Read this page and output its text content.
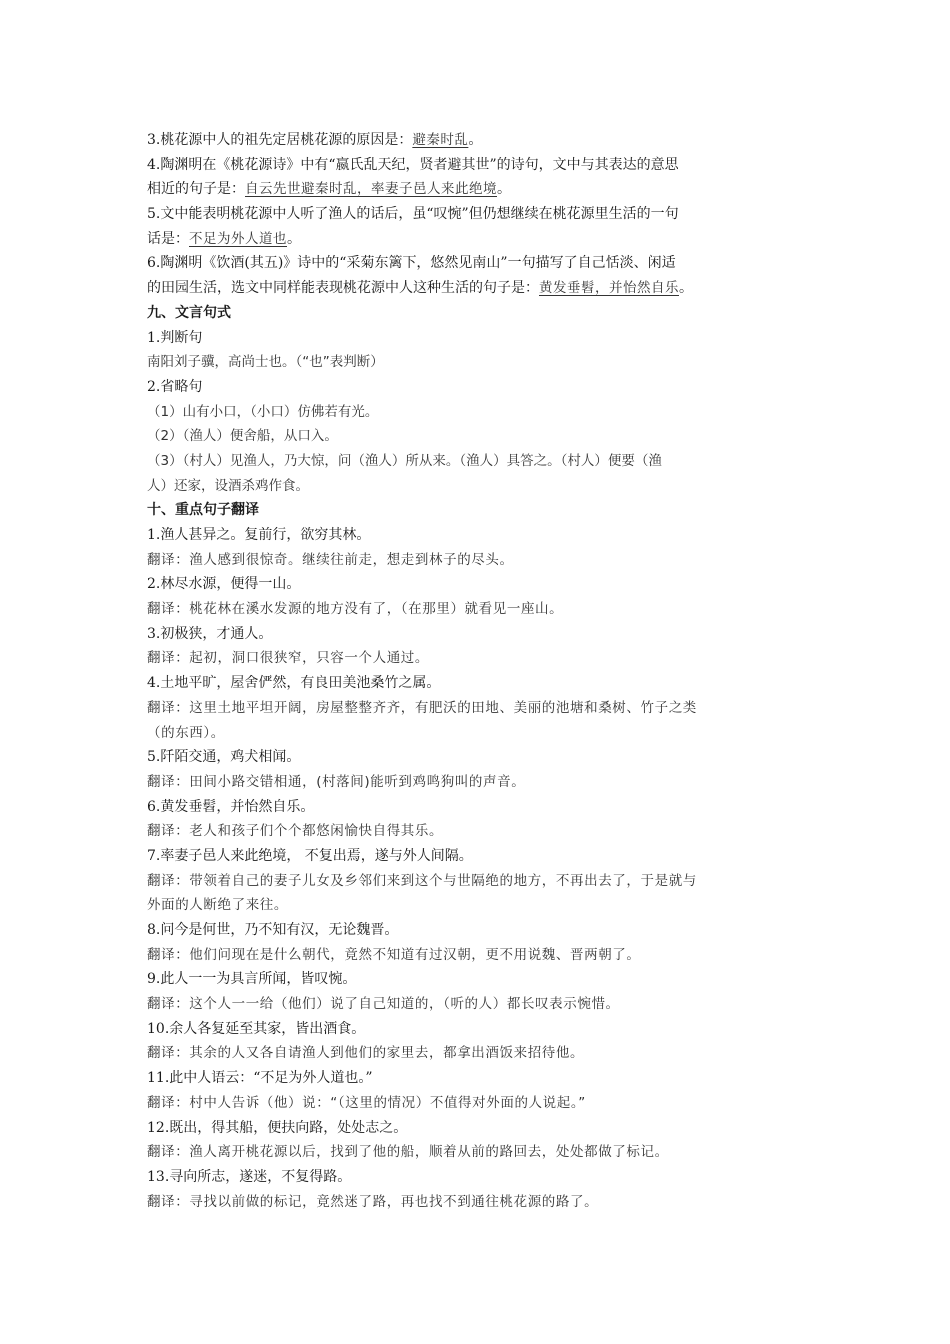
3.桃花源中人的祖先定居桃花源的原因是：避秦时乱。
4.陶渊明在《桃花源诗》中有“嬴氏乱天纪，贤者避其世”的诗句，文中与其表达的意思
相近的句子是：自云先世避秦时乱，率妻子邑人来此绝境。
5.文中能表明桃花源中人听了渔人的话后，虽“叹惋”但仍想继续在桃花源里生活的一句
话是：不足为外人道也。
6.陶渊明《饮酒(其五)》诗中的“采菊东篱下，悠然见南山”一句描写了自己恬淡、闲适
的田园生活，选文中同样能表现桃花源中人这种生活的句子是：黄发垂髫，并怡然自乐。
九、文言句式
1.判断句
南阳刘子骥，高尚士也。（“也”表判断）
2.省略句
（1）山有小口，（小口）仿佛若有光。
（2）（渔人）便舍船，从口入。
（3）（村人）见渔人，乃大惊，问（渔人）所从来。（渔人）具答之。（村人）便要（渔
人）还家，设酒杀鸡作食。
十、重点句子翻译
1.渔人甚异之。复前行，欲穷其林。
翻译：渔人感到很惊奇。继续往前走，想走到林子的尽头。
2.林尽水源，便得一山。
翻译：桃花林在溪水发源的地方没有了，（在那里）就看见一座山。
3.初极狭，才通人。
翻译：起初，洞口很狭窄，只容一个人通过。
4.土地平旷，屋舍俨然，有良田美池桑竹之属。
翻译：这里土地平坦开阔，房屋整整齐齐，有肥沃的田地、美丽的池塘和桑树、竹子之类
（的东西）。
5.阡陌交通，鸡犬相闻。
翻译：田间小路交错相通，(村落间)能听到鸡鸣狗叫的声音。
6.黄发垂髫，并怡然自乐。
翻译：老人和孩子们个个都悠闲愉快自得其乐。
7.率妻子邑人来此绝境， 不复出焉，遂与外人间隔。
翻译：带领着自己的妻子儿女及乡邻们来到这个与世隔绝的地方，不再出去了，于是就与
外面的人断绝了来往。
8.问今是何世，乃不知有汉，无论魏晋。
翻译：他们问现在是什么朝代，竟然不知道有过汉朝，更不用说魏、晋两朝了。
9.此人一一为具言所闻，皆叹惋。
翻译：这个人一一给（他们）说了自己知道的，（听的人）都长叹表示惋惜。
10.余人各复延至其家，皆出酒食。
翻译：其余的人又各自请渔人到他们的家里去，都拿出酒饭来招待他。
11.此中人语云：“不足为外人道也。”
翻译：村中人告诉（他）说：“（这里的情况）不值得对外面的人说起。”
12.既出，得其船，便扶向路，处处志之。
翻译：渔人离开桃花源以后，找到了他的船，顺着从前的路回去，处处都做了标记。
13.寻向所志，遂迷，不复得路。
翻译：寻找以前做的标记，竟然迷了路，再也找不到通往桃花源的路了。
